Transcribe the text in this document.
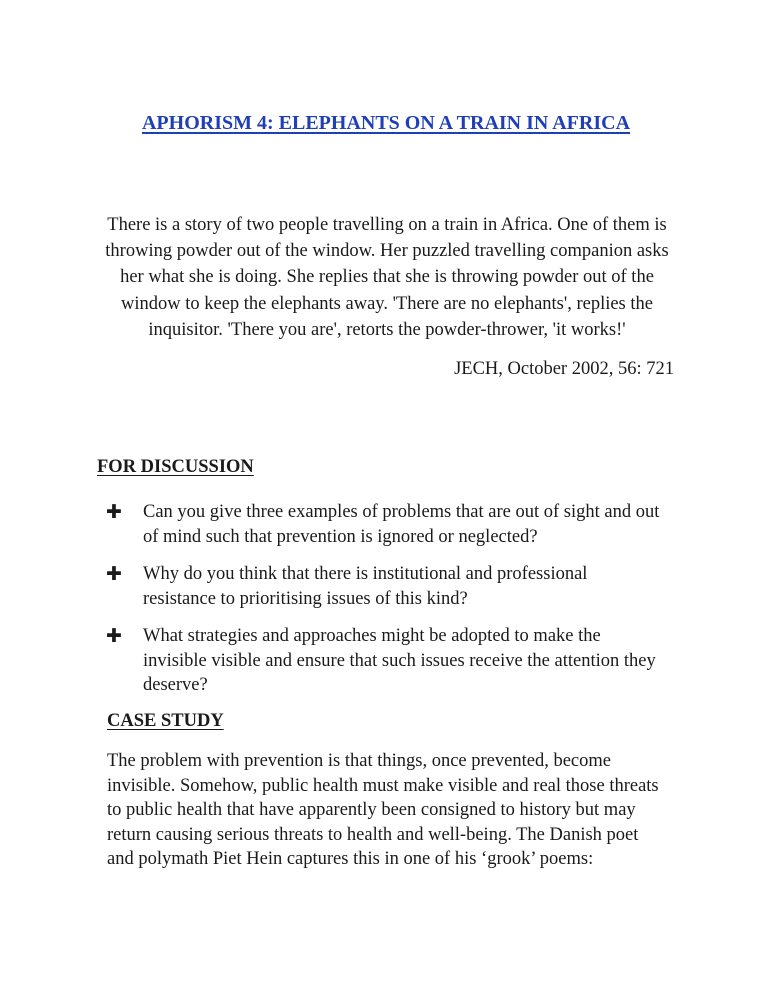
APHORISM 4: ELEPHANTS ON A TRAIN IN AFRICA

There is a story of two people travelling on a train in Africa. One of them is
throwing powder out of the window. Her puzzled travelling companion asks
her what she is doing. She replies that she is throwing powder out of the
window to keep the elephants away. 'There are no elephants', replies the
inquisitor. 'There you are', retorts the powder-thrower, 'it works!'

JECH, October 2002, 56: 721

FOR DISCUSSION
✚	Can you give three examples of problems that are out of sight and out
of mind such that prevention is ignored or neglected?
✚	Why do you think that there is institutional and professional
resistance to prioritising issues of this kind?
✚	What strategies and approaches might be adopted to make the
invisible visible and ensure that such issues receive the attention they
deserve?
CASE STUDY

The problem with prevention is that things, once prevented, become
invisible. Somehow, public health must make visible and real those threats
to public health that have apparently been consigned to history but may
return causing serious threats to health and well-being. The Danish poet
and polymath Piet Hein captures this in one of his ‘grook’ poems:
